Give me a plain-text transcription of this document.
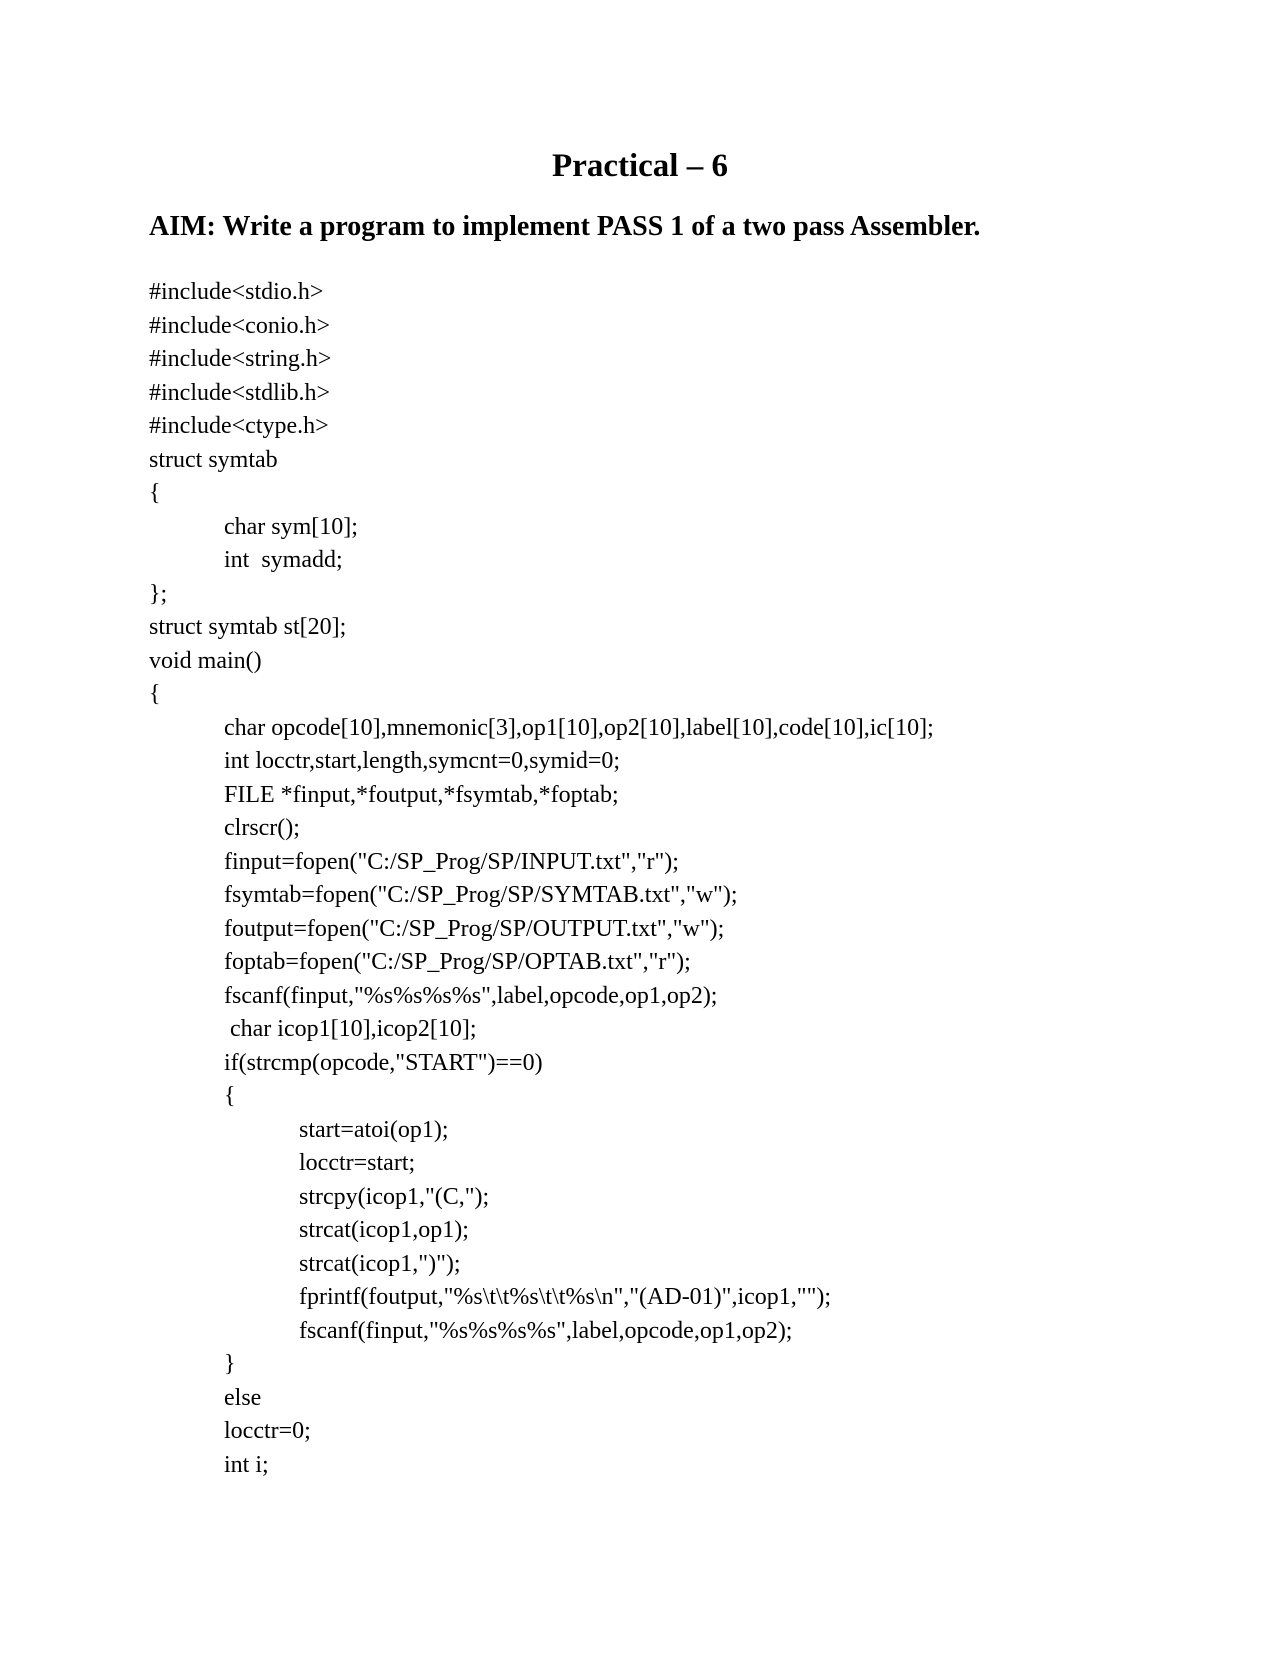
Practical – 6
AIM: Write a program to implement PASS 1 of a two pass Assembler.
#include<stdio.h>
#include<conio.h>
#include<string.h>
#include<stdlib.h>
#include<ctype.h>
struct symtab
{
char sym[10];
int  symadd;
};
struct symtab st[20];
void main()
{
char opcode[10],mnemonic[3],op1[10],op2[10],label[10],code[10],ic[10];
int locctr,start,length,symcnt=0,symid=0;
FILE *finput,*foutput,*fsymtab,*foptab;
clrscr();
finput=fopen("C:/SP_Prog/SP/INPUT.txt","r");
fsymtab=fopen("C:/SP_Prog/SP/SYMTAB.txt","w");
foutput=fopen("C:/SP_Prog/SP/OUTPUT.txt","w");
foptab=fopen("C:/SP_Prog/SP/OPTAB.txt","r");
fscanf(finput,"%s%s%s%s",label,opcode,op1,op2);
char icop1[10],icop2[10];
if(strcmp(opcode,"START")==0)
{
start=atoi(op1);
locctr=start;
strcpy(icop1,"(C,");
strcat(icop1,op1);
strcat(icop1,")");
fprintf(foutput,"%s\t\t%s\t\t%s\n","(AD-01)",icop1,"");
fscanf(finput,"%s%s%s%s",label,opcode,op1,op2);
}
else
locctr=0;
int i;
